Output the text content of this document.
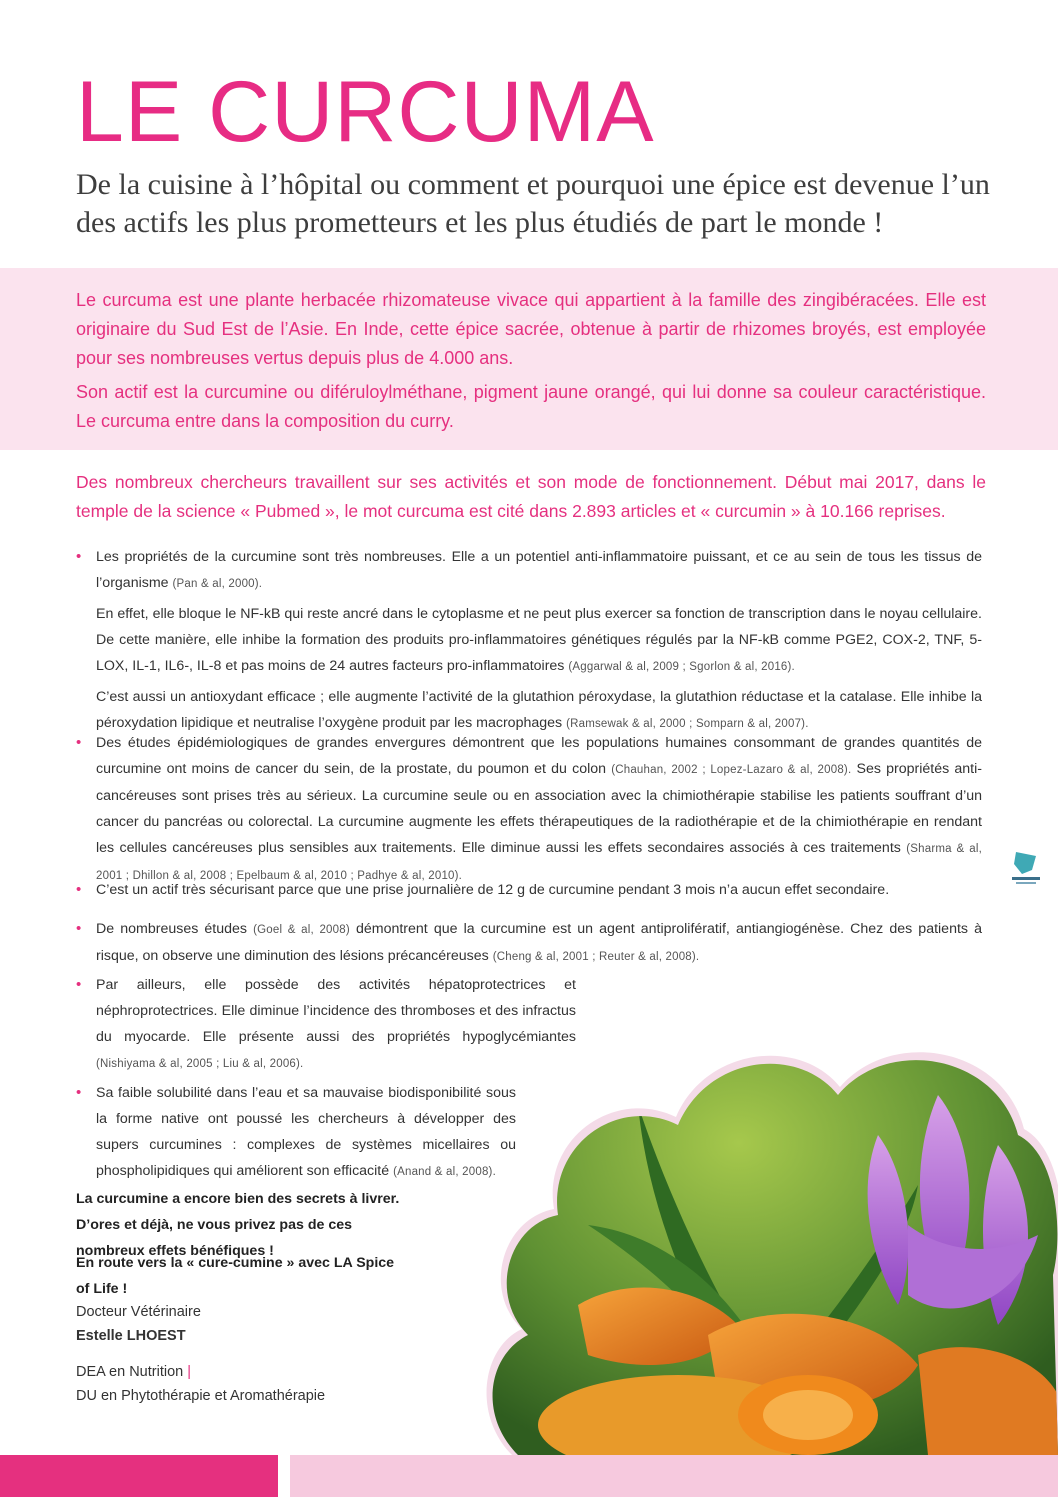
LE CURCUMA

De la cuisine à l’hôpital ou comment et pourquoi une épice est devenue l’un des actifs les plus prometteurs et les plus étudiés de part le monde !

Le curcuma est une plante herbacée rhizomateuse vivace qui appartient à la famille des zingibéracées. Elle est originaire du Sud Est de l’Asie. En Inde, cette épice sacrée, obtenue à partir de rhizomes broyés, est employée pour ses nombreuses vertus depuis plus de 4.000 ans.

Son actif est la curcumine ou diféruloylméthane, pigment jaune orangé, qui lui donne sa couleur caractéristique. Le curcuma entre dans la composition du curry.

Des nombreux chercheurs travaillent sur ses activités et son mode de fonctionnement. Début mai 2017, dans le temple de la science « Pubmed », le mot curcuma est cité dans 2.893 articles et « curcumin » à 10.166 reprises.

• Les propriétés de la curcumine sont très nombreuses. Elle a un potentiel anti-inflammatoire puissant, et ce au sein de tous les tissus de l’organisme (Pan & al, 2000).

En effet, elle bloque le NF-kB qui reste ancré dans le cytoplasme et ne peut plus exercer sa fonction de transcription dans le noyau cellulaire. De cette manière, elle inhibe la formation des produits pro-inflammatoires génétiques régulés par la NF-kB comme PGE2, COX-2, TNF, 5-LOX, IL-1, IL6-, IL-8 et pas moins de 24 autres facteurs pro-inflammatoires (Aggarwal & al, 2009 ; Sgorlon & al, 2016).

C’est aussi un antioxydant efficace ; elle augmente l’activité de la glutathion péroxydase, la glutathion réductase et la catalase. Elle inhibe la péroxydation lipidique et neutralise l’oxygène produit par les macrophages (Ramsewak & al, 2000 ; Somparn & al, 2007).

• Des études épidémiologiques de grandes envergures démontrent que les populations humaines consommant de grandes quantités de curcumine ont moins de cancer du sein, de la prostate, du poumon et du colon (Chauhan, 2002 ; Lopez-Lazaro & al, 2008). Ses propriétés anti-cancéreuses sont prises très au sérieux. La curcumine seule ou en association avec la chimiothérapie stabilise les patients souffrant d’un cancer du pancréas ou colorectal. La curcumine augmente les effets thérapeutiques de la radiothérapie et de la chimiothérapie en rendant les cellules cancéreuses plus sensibles aux traitements. Elle diminue aussi les effets secondaires associés à ces traitements (Sharma & al, 2001 ; Dhillon & al, 2008 ; Epelbaum & al, 2010 ; Padhye & al, 2010).

• C’est un actif très sécurisant parce que une prise journalière de 12 g de curcumine pendant 3 mois n’a aucun effet secondaire.

• De nombreuses études (Goel & al, 2008) démontrent que la curcumine est un agent antiprolifératif, antiangiogénèse. Chez des patients à risque, on observe une diminution des lésions précancéreuses (Cheng & al, 2001 ; Reuter & al, 2008).

• Par ailleurs, elle possède des activités hépatoprotectrices et néphroprotectrices. Elle diminue l’incidence des thromboses et des infractus du myocarde. Elle présente aussi des propriétés hypoglycémiantes (Nishiyama & al, 2005 ; Liu & al, 2006).

• Sa faible solubilité dans l’eau et sa mauvaise biodisponibilité sous la forme native ont poussé les chercheurs à développer des supers curcumines : complexes de systèmes micellaires ou phospholipidiques qui améliorent son efficacité (Anand & al, 2008).

La curcumine a encore bien des secrets à livrer. D’ores et déjà, ne vous privez pas de ces nombreux effets bénéfiques !

En route vers la « cure-cumine » avec LA Spice of Life !

Docteur Vétérinaire
Estelle LHOEST
DEA en Nutrition |
DU en Phytothérapie et Aromathérapie
